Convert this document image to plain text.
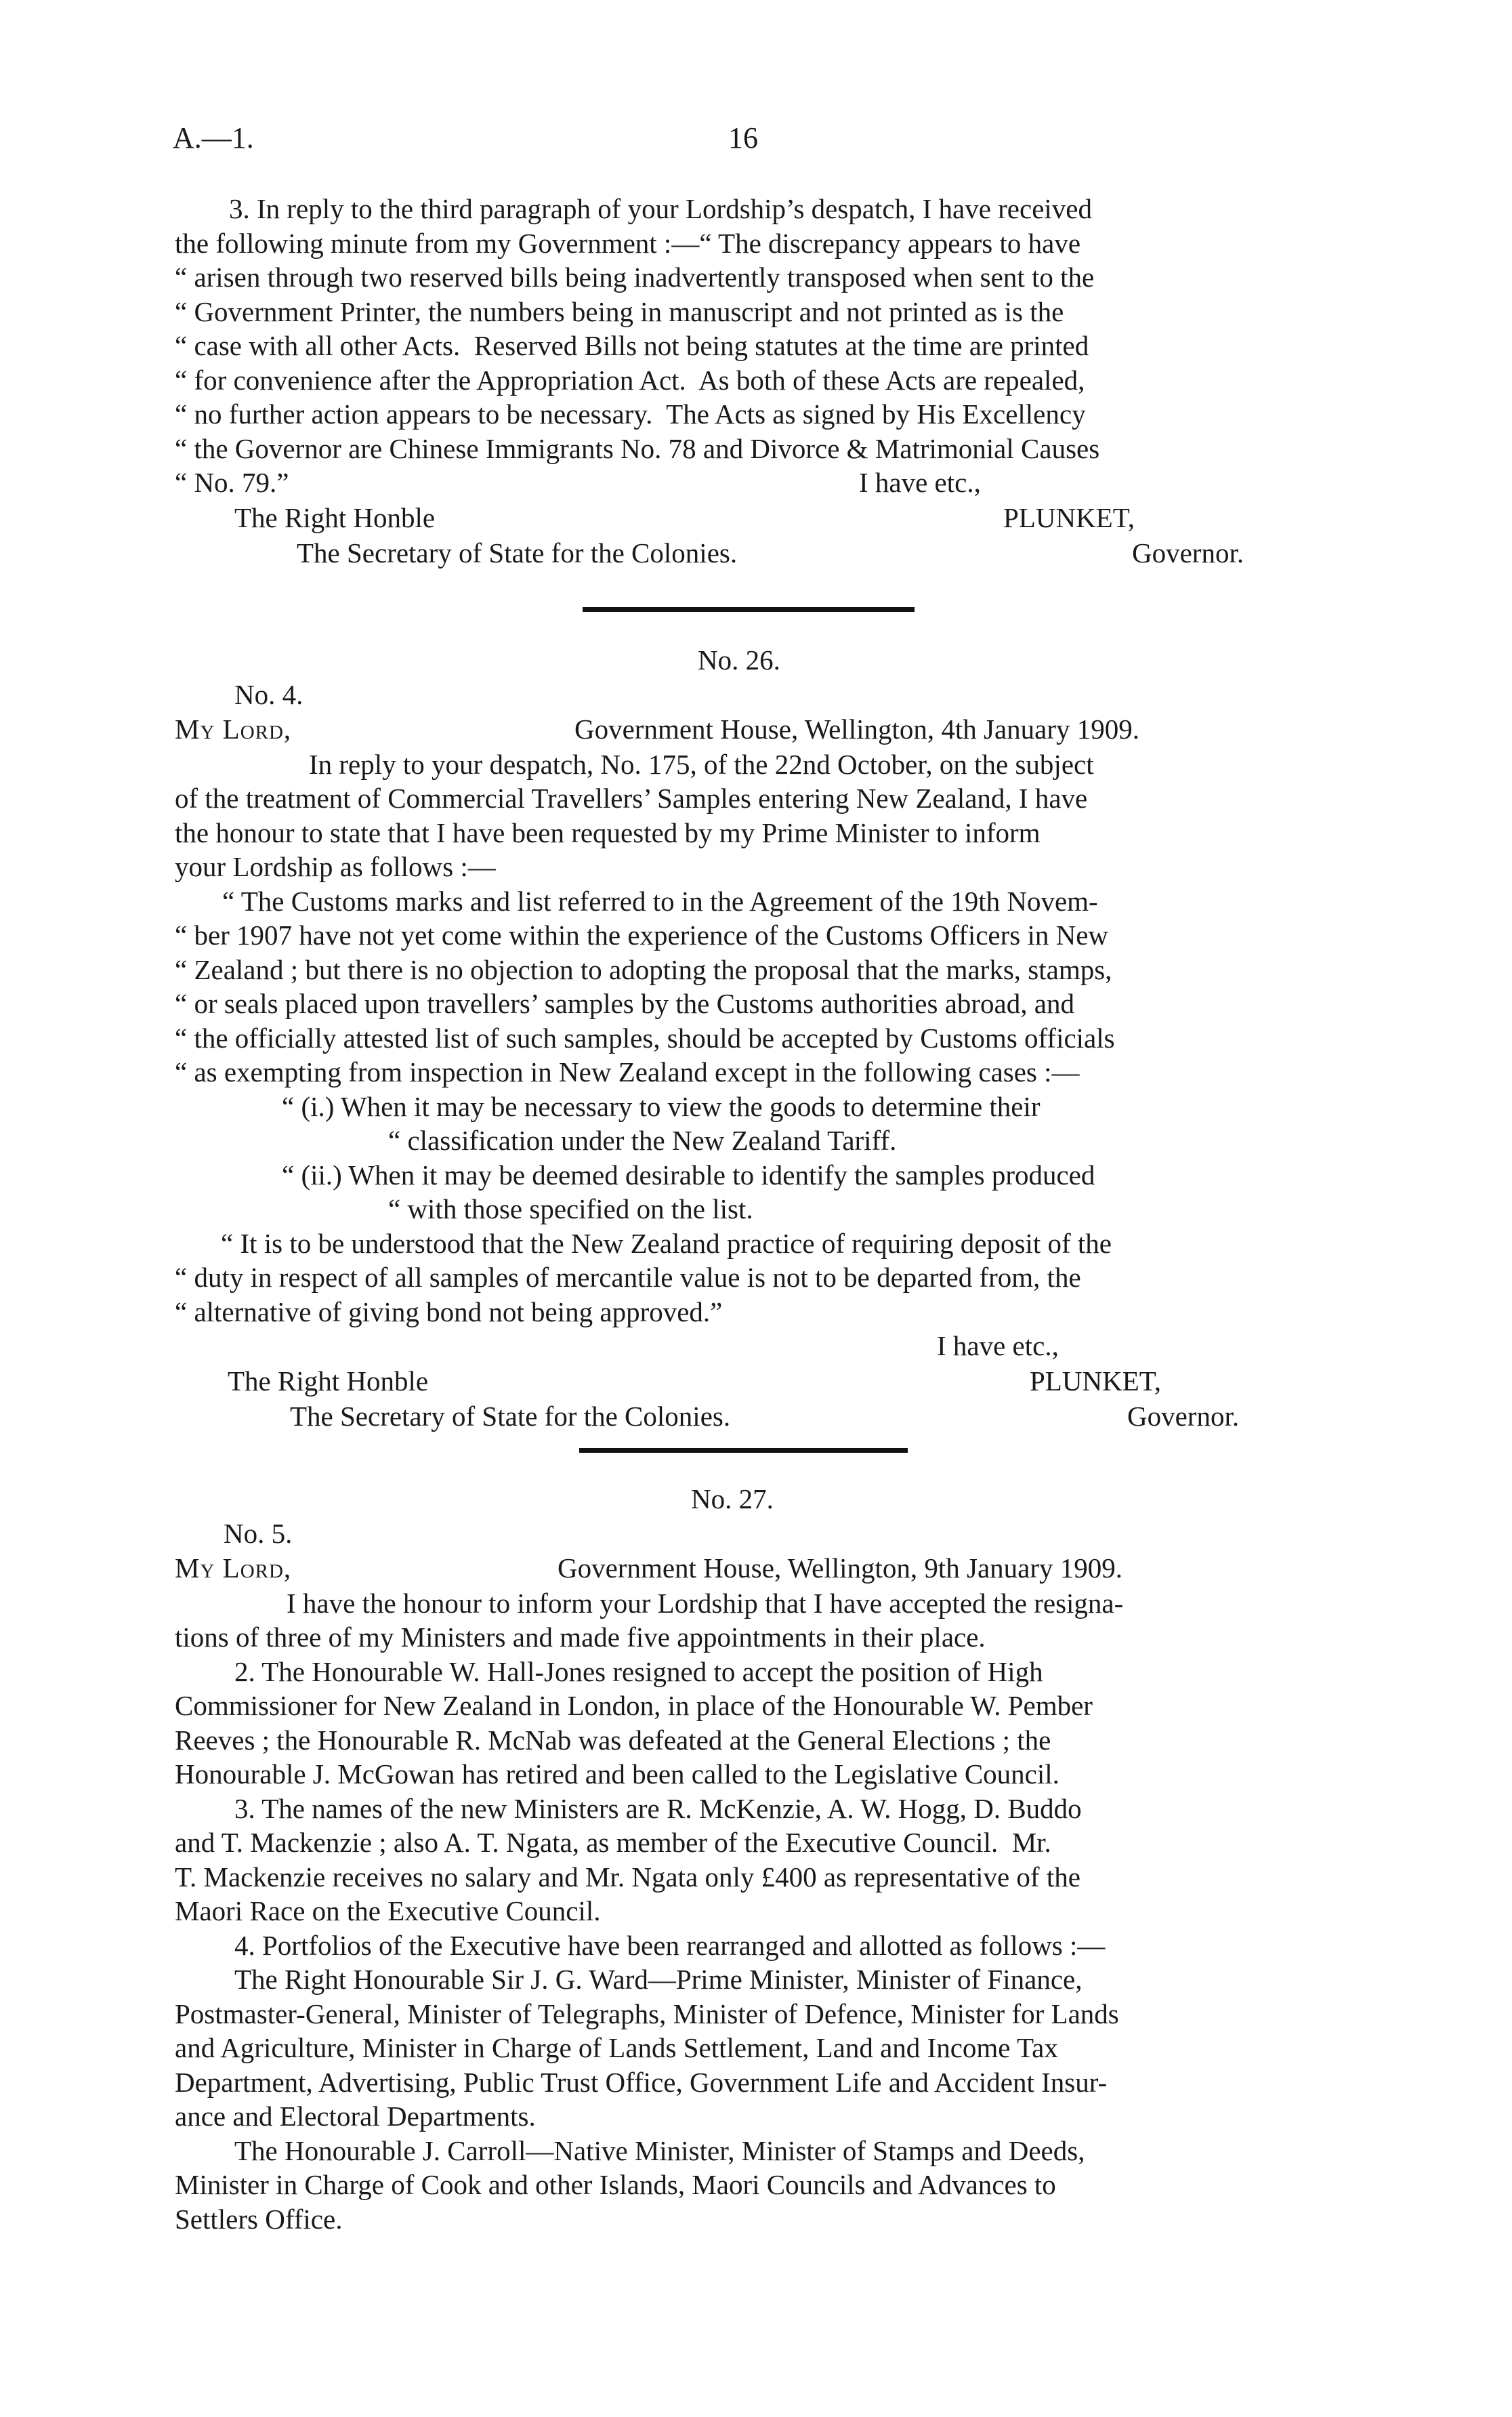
A.—1.	16
3. In reply to the third paragraph of your Lordship’s despatch, I have received
the following minute from my Government :—“ The discrepancy appears to have
“ arisen through two reserved bills being inadvertently transposed when sent to the
“ Government Printer, the numbers being in manuscript and not printed as is the
“ case with all other Acts.  Reserved Bills not being statutes at the time are printed
“ for convenience after the Appropriation Act.  As both of these Acts are repealed,
“ no further action appears to be necessary.  The Acts as signed by His Excellency
“ the Governor are Chinese Immigrants No. 78 and Divorce & Matrimonial Causes
“ No. 79.”	I have etc.,
The Right Honble	PLUNKET,
The Secretary of State for the Colonies.	Governor.
No. 26.
No. 4.
My Lord,	Government House, Wellington, 4th January 1909.
In reply to your despatch, No. 175, of the 22nd October, on the subject
of the treatment of Commercial Travellers’ Samples entering New Zealand, I have
the honour to state that I have been requested by my Prime Minister to inform
your Lordship as follows :—
“ The Customs marks and list referred to in the Agreement of the 19th Novem-
“ ber 1907 have not yet come within the experience of the Customs Officers in New
“ Zealand ; but there is no objection to adopting the proposal that the marks, stamps,
“ or seals placed upon travellers’ samples by the Customs authorities abroad, and
“ the officially attested list of such samples, should be accepted by Customs officials
“ as exempting from inspection in New Zealand except in the following cases :—
“ (i.) When it may be necessary to view the goods to determine their
“ classification under the New Zealand Tariff.
“ (ii.) When it may be deemed desirable to identify the samples produced
“ with those specified on the list.
“ It is to be understood that the New Zealand practice of requiring deposit of the
“ duty in respect of all samples of mercantile value is not to be departed from, the
“ alternative of giving bond not being approved.”
I have etc.,
The Right Honble	PLUNKET,
The Secretary of State for the Colonies.	Governor.
No. 27.
No. 5.
My Lord,	Government House, Wellington, 9th January 1909.
I have the honour to inform your Lordship that I have accepted the resigna-
tions of three of my Ministers and made five appointments in their place.
2. The Honourable W. Hall-Jones resigned to accept the position of High
Commissioner for New Zealand in London, in place of the Honourable W. Pember
Reeves ; the Honourable R. McNab was defeated at the General Elections ; the
Honourable J. McGowan has retired and been called to the Legislative Council.
3. The names of the new Ministers are R. McKenzie, A. W. Hogg, D. Buddo
and T. Mackenzie ; also A. T. Ngata, as member of the Executive Council.  Mr.
T. Mackenzie receives no salary and Mr. Ngata only £400 as representative of the
Maori Race on the Executive Council.
4. Portfolios of the Executive have been rearranged and allotted as follows :—
The Right Honourable Sir J. G. Ward—Prime Minister, Minister of Finance,
Postmaster-General, Minister of Telegraphs, Minister of Defence, Minister for Lands
and Agriculture, Minister in Charge of Lands Settlement, Land and Income Tax
Department, Advertising, Public Trust Office, Government Life and Accident Insur-
ance and Electoral Departments.
The Honourable J. Carroll—Native Minister, Minister of Stamps and Deeds,
Minister in Charge of Cook and other Islands, Maori Councils and Advances to
Settlers Office.
